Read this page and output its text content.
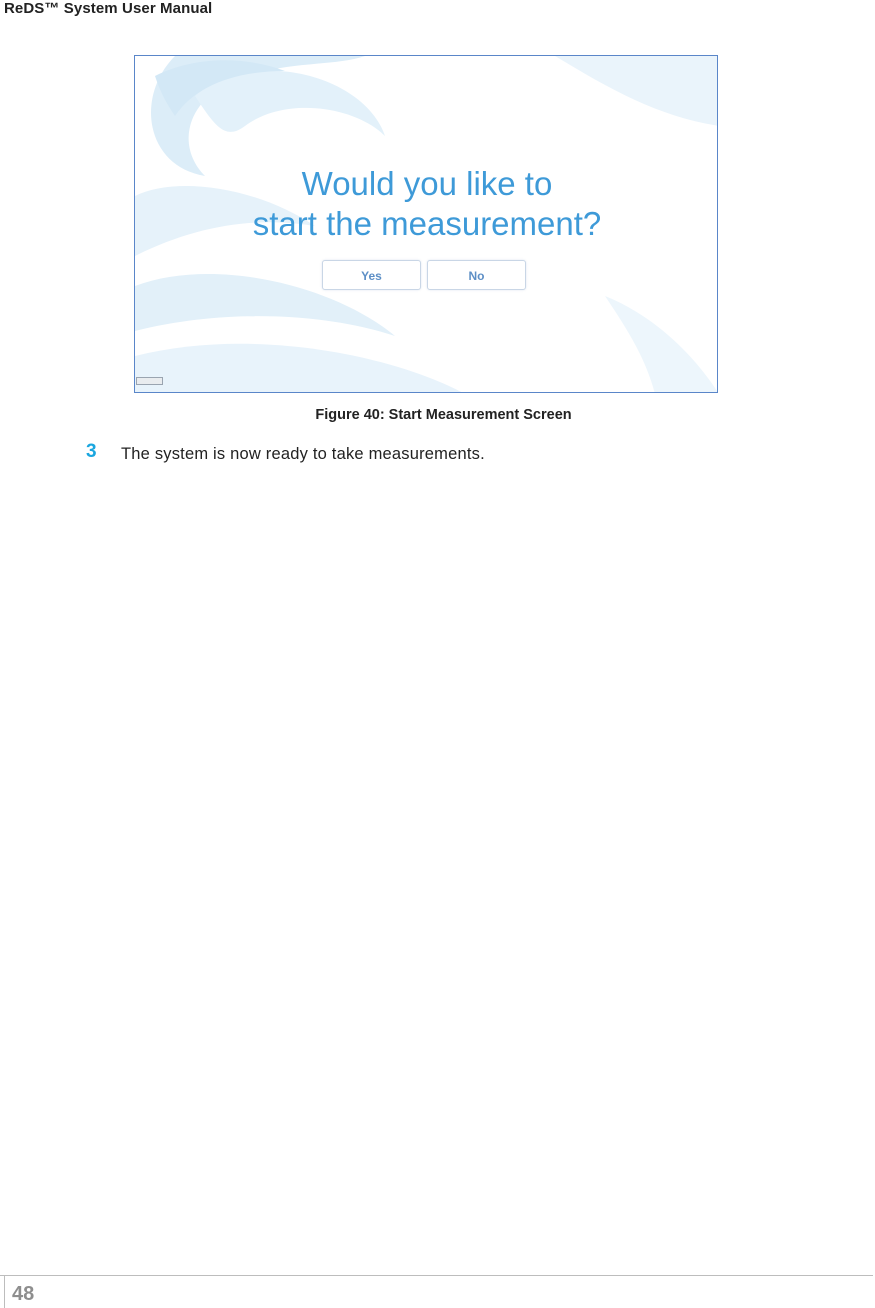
ReDS™ System User Manual
Would you like to
start the measurement?
Yes	No
Figure 40: Start Measurement Screen
3 The system is now ready to take measurements.
48
